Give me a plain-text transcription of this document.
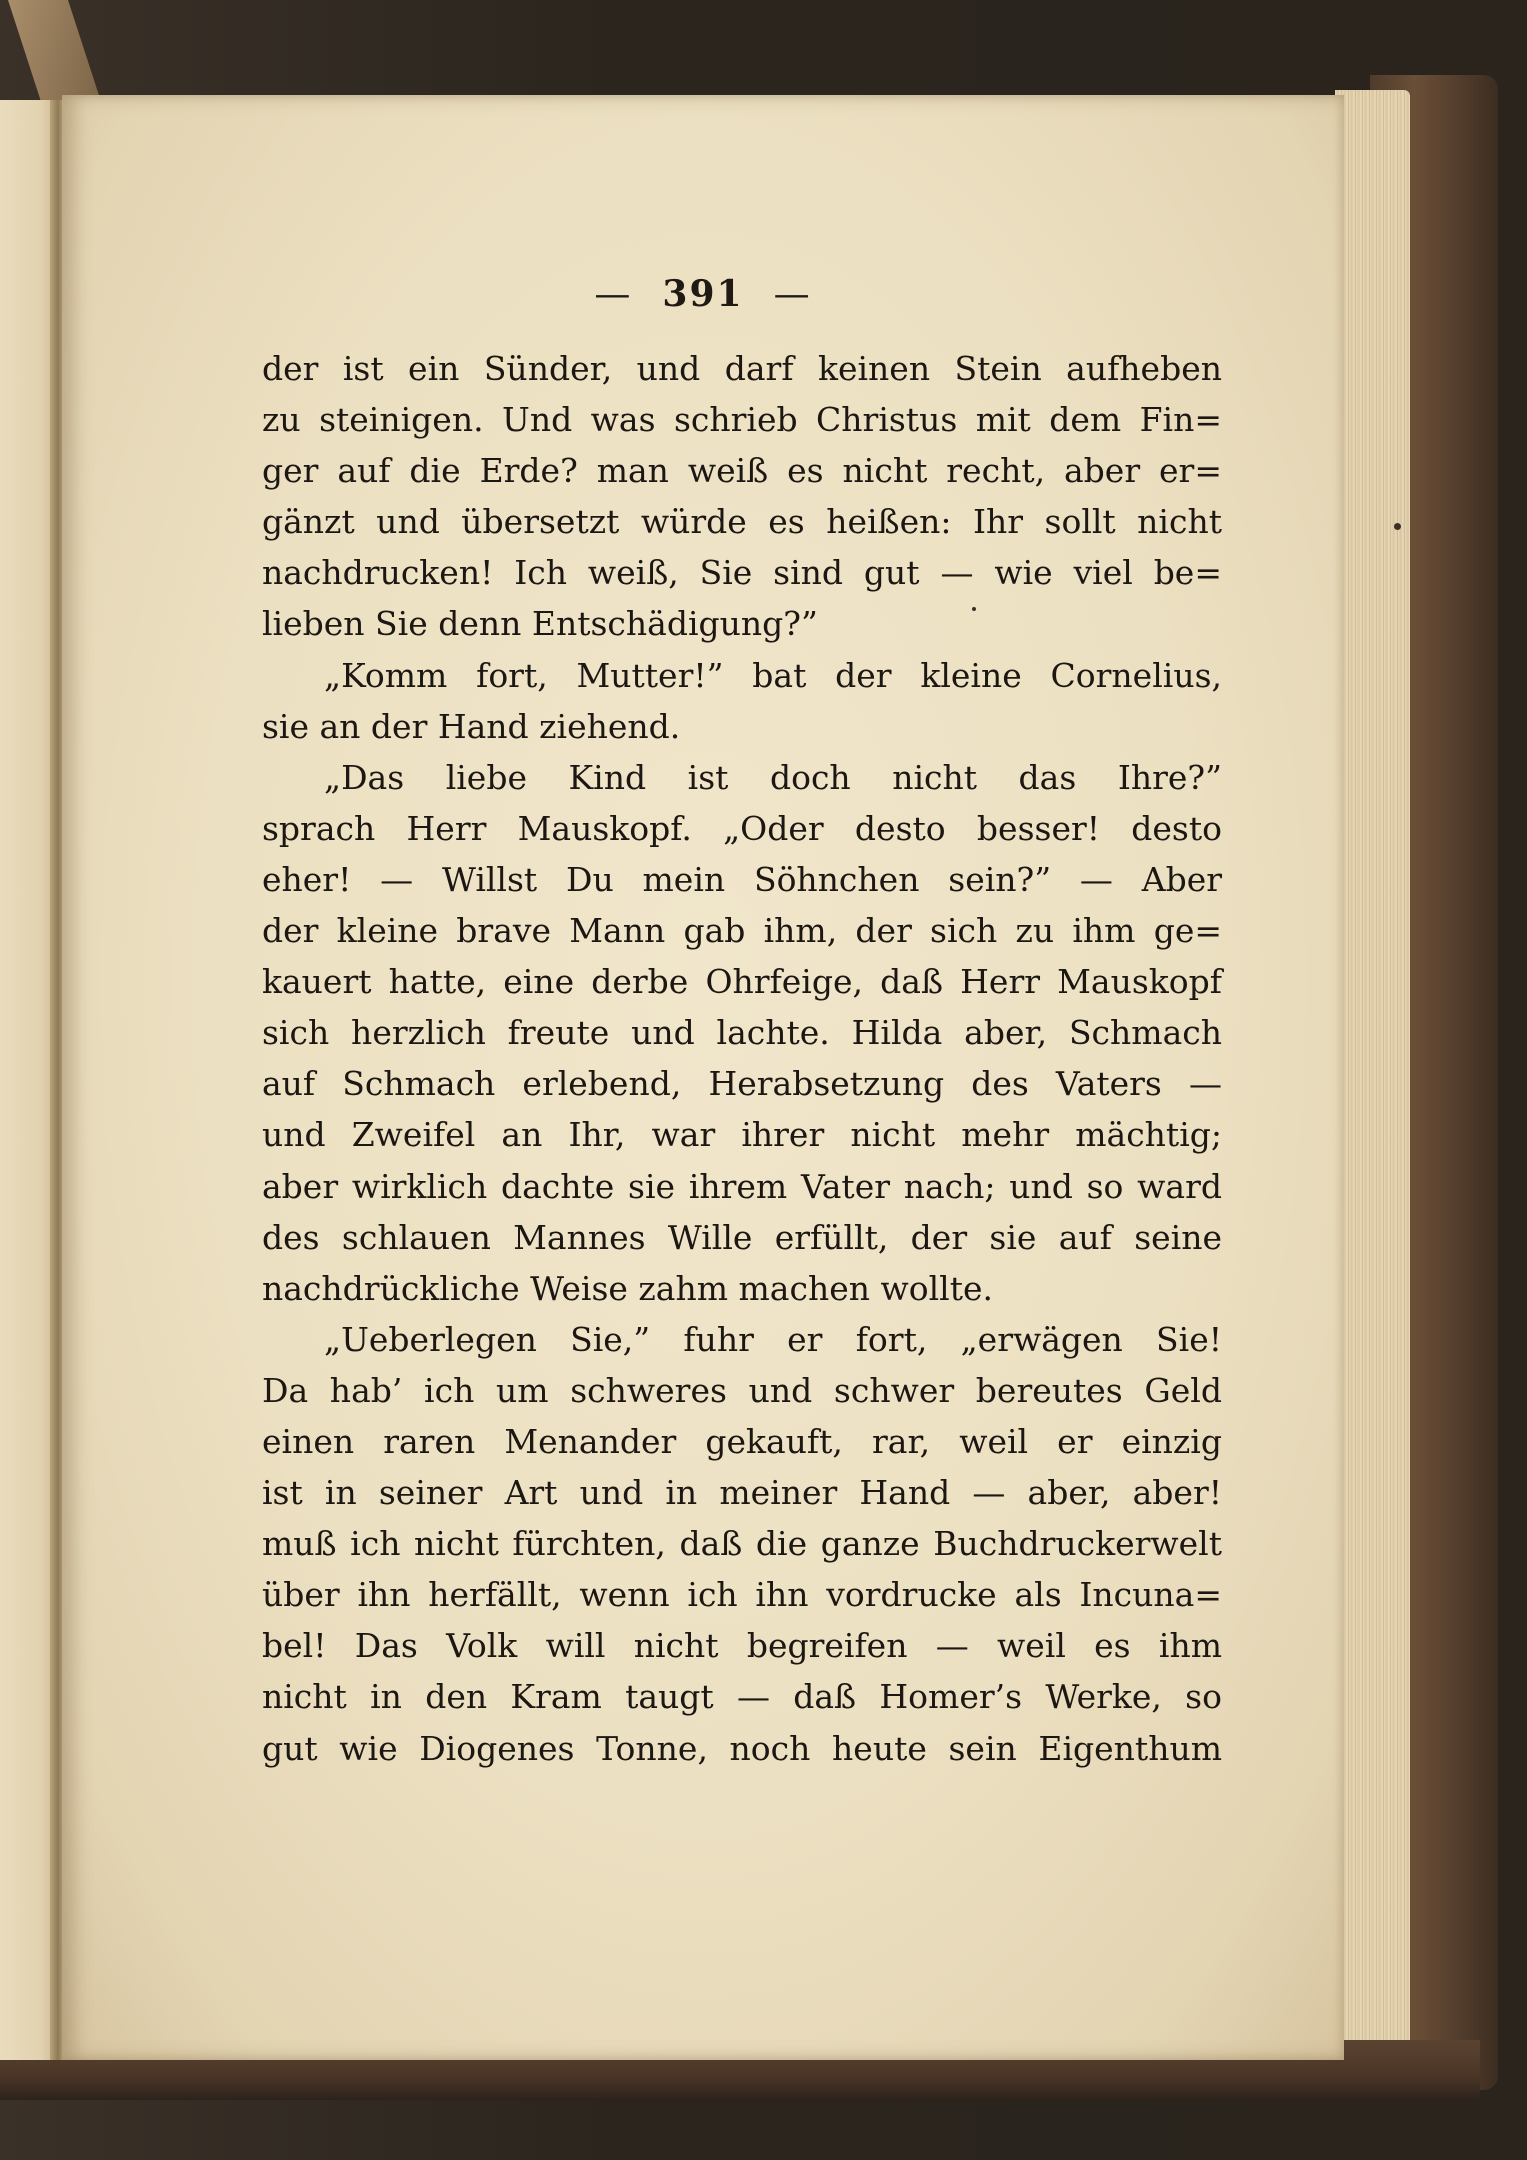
— 391 —
der ist ein Sünder, und darf keinen Stein aufheben
zu steinigen. Und was schrieb Christus mit dem Fin=
ger auf die Erde? man weiß es nicht recht, aber er=
gänzt und übersetzt würde es heißen: Ihr sollt nicht
nachdrucken! Ich weiß, Sie sind gut — wie viel be=
lieben Sie denn Entschädigung?”
„Komm fort, Mutter!” bat der kleine Cornelius,
sie an der Hand ziehend.
„Das liebe Kind ist doch nicht das Ihre?”
sprach Herr Mauskopf. „Oder desto besser! desto
eher! — Willst Du mein Söhnchen sein?” — Aber
der kleine brave Mann gab ihm, der sich zu ihm ge=
kauert hatte, eine derbe Ohrfeige, daß Herr Mauskopf
sich herzlich freute und lachte. Hilda aber, Schmach
auf Schmach erlebend, Herabsetzung des Vaters —
und Zweifel an Ihr, war ihrer nicht mehr mächtig;
aber wirklich dachte sie ihrem Vater nach; und so ward
des schlauen Mannes Wille erfüllt, der sie auf seine
nachdrückliche Weise zahm machen wollte.
„Ueberlegen Sie,” fuhr er fort, „erwägen Sie!
Da hab’ ich um schweres und schwer bereutes Geld
einen raren Menander gekauft, rar, weil er einzig
ist in seiner Art und in meiner Hand — aber, aber!
muß ich nicht fürchten, daß die ganze Buchdruckerwelt
über ihn herfällt, wenn ich ihn vordrucke als Incuna=
bel! Das Volk will nicht begreifen — weil es ihm
nicht in den Kram taugt — daß Homer’s Werke, so
gut wie Diogenes Tonne, noch heute sein Eigenthum
